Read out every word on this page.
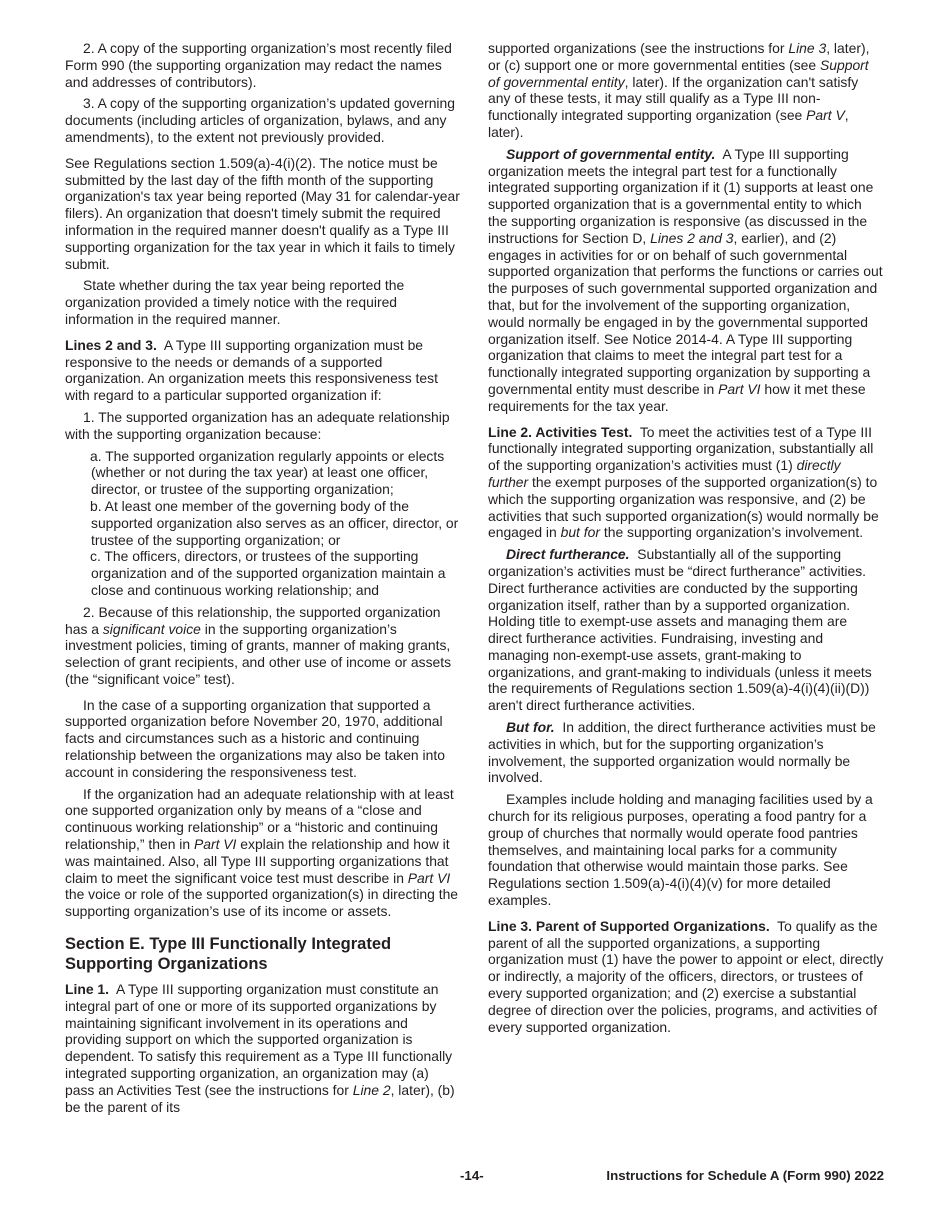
2. A copy of the supporting organization’s most recently filed Form 990 (the supporting organization may redact the names and addresses of contributors).

3. A copy of the supporting organization’s updated governing documents (including articles of organization, bylaws, and any amendments), to the extent not previously provided.

See Regulations section 1.509(a)-4(i)(2). The notice must be submitted by the last day of the fifth month of the supporting organization's tax year being reported (May 31 for calendar-year filers). An organization that doesn't timely submit the required information in the required manner doesn't qualify as a Type III supporting organization for the tax year in which it fails to timely submit.

State whether during the tax year being reported the organization provided a timely notice with the required information in the required manner.

Lines 2 and 3. A Type III supporting organization must be responsive to the needs or demands of a supported organization. An organization meets this responsiveness test with regard to a particular supported organization if:

1. The supported organization has an adequate relationship with the supporting organization because:

a. The supported organization regularly appoints or elects (whether or not during the tax year) at least one officer, director, or trustee of the supporting organization;

b. At least one member of the governing body of the supported organization also serves as an officer, director, or trustee of the supporting organization; or

c. The officers, directors, or trustees of the supporting organization and of the supported organization maintain a close and continuous working relationship; and

2. Because of this relationship, the supported organization has a significant voice in the supporting organization’s investment policies, timing of grants, manner of making grants, selection of grant recipients, and other use of income or assets (the “significant voice” test).

In the case of a supporting organization that supported a supported organization before November 20, 1970, additional facts and circumstances such as a historic and continuing relationship between the organizations may also be taken into account in considering the responsiveness test.

If the organization had an adequate relationship with at least one supported organization only by means of a “close and continuous working relationship” or a “historic and continuing relationship,” then in Part VI explain the relationship and how it was maintained. Also, all Type III supporting organizations that claim to meet the significant voice test must describe in Part VI the voice or role of the supported organization(s) in directing the supporting organization’s use of its income or assets.

Section E. Type III Functionally Integrated Supporting Organizations

Line 1. A Type III supporting organization must constitute an integral part of one or more of its supported organizations by maintaining significant involvement in its operations and providing support on which the supported organization is dependent. To satisfy this requirement as a Type III functionally integrated supporting organization, an organization may (a) pass an Activities Test (see the instructions for Line 2, later), (b) be the parent of its

supported organizations (see the instructions for Line 3, later), or (c) support one or more governmental entities (see Support of governmental entity, later). If the organization can't satisfy any of these tests, it may still qualify as a Type III non-functionally integrated supporting organization (see Part V, later).

Support of governmental entity. A Type III supporting organization meets the integral part test for a functionally integrated supporting organization if it (1) supports at least one supported organization that is a governmental entity to which the supporting organization is responsive (as discussed in the instructions for Section D, Lines 2 and 3, earlier), and (2) engages in activities for or on behalf of such governmental supported organization that performs the functions or carries out the purposes of such governmental supported organization and that, but for the involvement of the supporting organization, would normally be engaged in by the governmental supported organization itself. See Notice 2014-4. A Type III supporting organization that claims to meet the integral part test for a functionally integrated supporting organization by supporting a governmental entity must describe in Part VI how it met these requirements for the tax year.

Line 2. Activities Test. To meet the activities test of a Type III functionally integrated supporting organization, substantially all of the supporting organization’s activities must (1) directly further the exempt purposes of the supported organization(s) to which the supporting organization was responsive, and (2) be activities that such supported organization(s) would normally be engaged in but for the supporting organization’s involvement.

Direct furtherance. Substantially all of the supporting organization’s activities must be “direct furtherance” activities. Direct furtherance activities are conducted by the supporting organization itself, rather than by a supported organization. Holding title to exempt-use assets and managing them are direct furtherance activities. Fundraising, investing and managing non-exempt-use assets, grant-making to organizations, and grant-making to individuals (unless it meets the requirements of Regulations section 1.509(a)-4(i)(4)(ii)(D)) aren't direct furtherance activities.

But for. In addition, the direct furtherance activities must be activities in which, but for the supporting organization’s involvement, the supported organization would normally be involved.

Examples include holding and managing facilities used by a church for its religious purposes, operating a food pantry for a group of churches that normally would operate food pantries themselves, and maintaining local parks for a community foundation that otherwise would maintain those parks. See Regulations section 1.509(a)-4(i)(4)(v) for more detailed examples.

Line 3. Parent of Supported Organizations. To qualify as the parent of all the supported organizations, a supporting organization must (1) have the power to appoint or elect, directly or indirectly, a majority of the officers, directors, or trustees of every supported organization; and (2) exercise a substantial degree of direction over the policies, programs, and activities of every supported organization.

-14-	Instructions for Schedule A (Form 990) 2022
